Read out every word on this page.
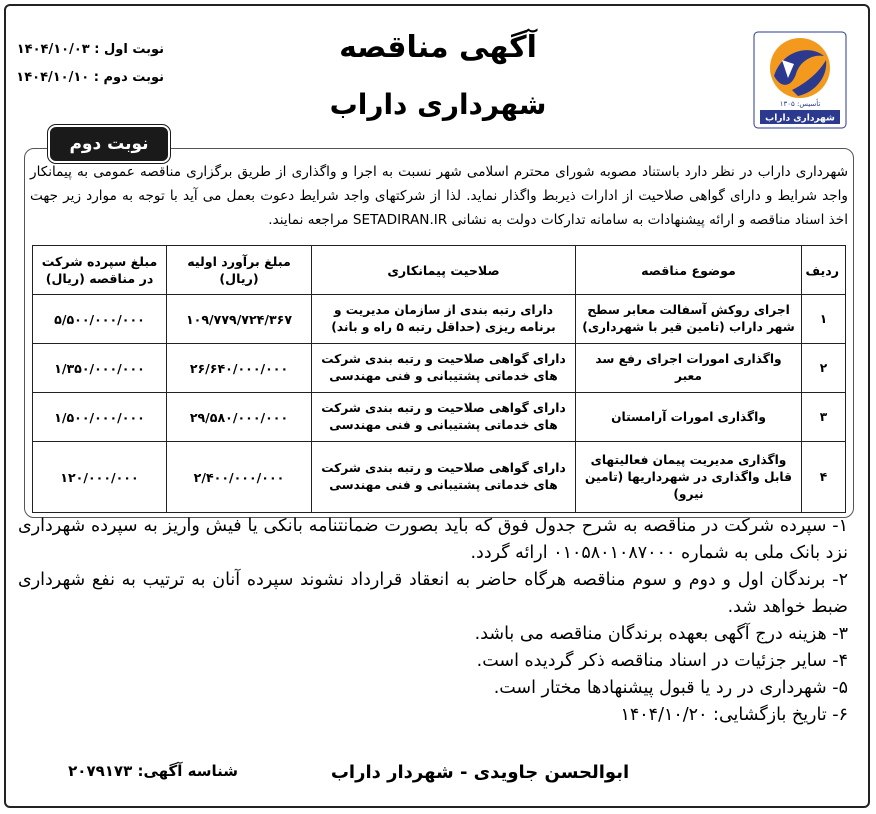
تأسیس: ۱۳۰۵
شهرداری داراب
آگهی مناقصه
شهرداری داراب
نوبت اول : ۱۴۰۴/۱۰/۰۳
نوبت دوم : ۱۴۰۴/۱۰/۱۰
نوبت دوم
شهرداری داراب در نظر دارد باستناد مصوبه شورای محترم اسلامی شهر نسبت به اجرا و واگذاری از طریق برگزاری مناقصه عمومی به پیمانکار واجد شرایط و دارای گواهی صلاحیت از ادارات ذیربط واگذار نماید. لذا از شرکتهای واجد شرایط دعوت بعمل می آید با توجه به موارد زیر جهت اخذ اسناد مناقصه و ارائه پیشنهادات به سامانه تدارکات دولت به نشانی SETADIRAN.IR مراجعه نمایند.
ردیف	موضوع مناقصه	صلاحیت پیمانکاری	مبلغ برآورد اولیه (ریال)	مبلغ سپرده شرکت در مناقصه (ریال)
۱	اجرای روکش آسفالت معابر سطح شهر داراب (تامین قیر با شهرداری)	دارای رتبه بندی از سازمان مدیریت و برنامه ریزی (حداقل رتبه ۵ راه و باند)	۱۰۹/۷۷۹/۷۲۴/۳۶۷	۵/۵۰۰/۰۰۰/۰۰۰
۲	واگذاری امورات اجرای رفع سد معبر	دارای گواهی صلاحیت و رتبه بندی شرکت های خدماتی پشتیبانی و فنی مهندسی	۲۶/۶۴۰/۰۰۰/۰۰۰	۱/۳۵۰/۰۰۰/۰۰۰
۳	واگذاری امورات آرامستان	دارای گواهی صلاحیت و رتبه بندی شرکت های خدماتی پشتیبانی و فنی مهندسی	۲۹/۵۸۰/۰۰۰/۰۰۰	۱/۵۰۰/۰۰۰/۰۰۰
۴	واگذاری مدیریت پیمان فعالیتهای قابل واگذاری در شهرداریها (تامین نیرو)	دارای گواهی صلاحیت و رتبه بندی شرکت های خدماتی پشتیبانی و فنی مهندسی	۲/۴۰۰/۰۰۰/۰۰۰	۱۲۰/۰۰۰/۰۰۰

۱- سپرده شرکت در مناقصه به شرح جدول فوق که باید بصورت ضمانتنامه بانکی یا فیش واریز به سپرده شهرداری نزد بانک ملی به شماره ۰۱۰۵۸۰۱۰۸۷۰۰۰ ارائه گردد.

۲- برندگان اول و دوم و سوم مناقصه هرگاه حاضر به انعقاد قرارداد نشوند سپرده آنان به ترتیب به نفع شهرداری ضبط خواهد شد.

۳- هزینه درج آگهی بعهده برندگان مناقصه می باشد.

۴- سایر جزئیات در اسناد مناقصه ذکر گردیده است.

۵- شهرداری در رد یا قبول پیشنهادها مختار است.

۶- تاریخ بازگشایی: ۱۴۰۴/۱۰/۲۰

ابوالحسن جاویدی - شهردار داراب
شناسه آگهی: ۲۰۷۹۱۷۳
